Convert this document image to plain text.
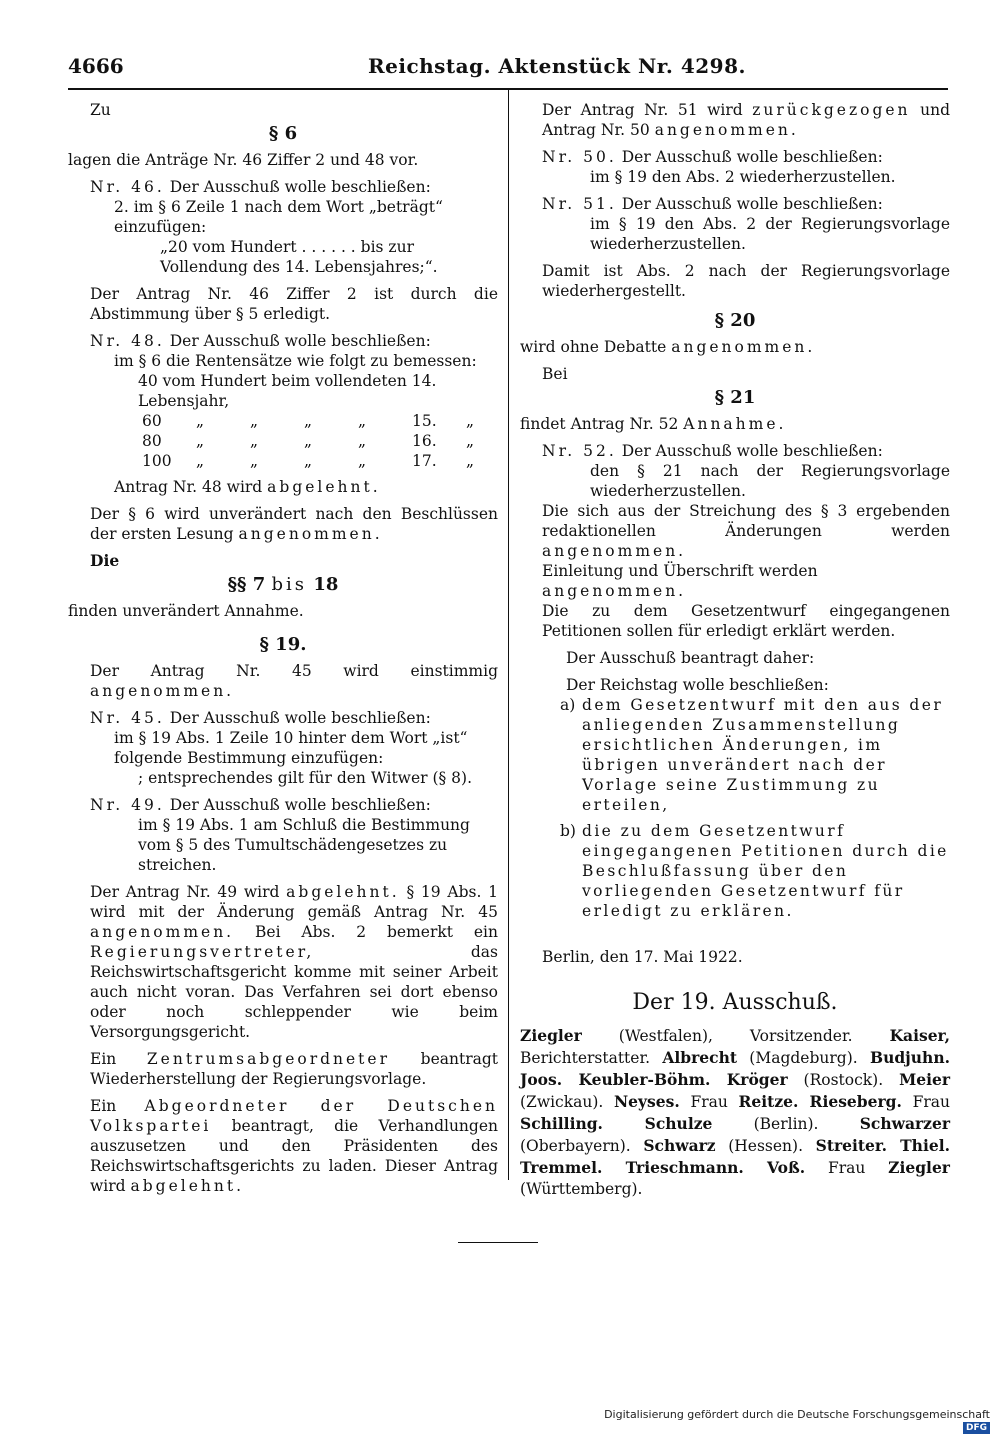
4666	Reichstag. Aktenstück Nr. 4298.

Zu

§ 6

lagen die Anträge Nr. 46 Ziffer 2 und 48 vor.

Nr. 46. Der Ausschuß wolle beschließen:

2. im § 6 Zeile 1 nach dem Wort „beträgt“ einzufügen:

„20 vom Hundert . . . . . . bis zur Vollendung des 14. Lebensjahres;“.

Der Antrag Nr. 46 Ziffer 2 ist durch die Abstimmung über § 5 erledigt.

Nr. 48. Der Ausschuß wolle beschließen:

im § 6 die Rentensätze wie folgt zu bemessen:

40 vom Hundert beim vollendeten 14. Lebensjahr,

60	„	„	„	„	15.	„
80	„	„	„	„	16.	„
100	„	„	„	„	17.	„

Antrag Nr. 48 wird abgelehnt.

Der § 6 wird unverändert nach den Beschlüssen der ersten Lesung angenommen.

Die

§§ 7 bis 18

finden unverändert Annahme.

§ 19.

Der Antrag Nr. 45 wird einstimmig angenommen.

Nr. 45. Der Ausschuß wolle beschließen:

im § 19 Abs. 1 Zeile 10 hinter dem Wort „ist“ folgende Bestimmung einzufügen:

; entsprechendes gilt für den Witwer (§ 8).

Nr. 49. Der Ausschuß wolle beschließen:

im § 19 Abs. 1 am Schluß die Bestimmung vom § 5 des Tumultschädengesetzes zu streichen.

Der Antrag Nr. 49 wird abgelehnt. § 19 Abs. 1 wird mit der Änderung gemäß Antrag Nr. 45 angenommen. Bei Abs. 2 bemerkt ein Regierungsvertreter,	das Reichswirtschaftsgericht komme mit seiner Arbeit auch nicht voran. Das Verfahren sei dort ebenso oder noch schleppender wie beim Versorgungsgericht.

Ein Zentrumsabgeordneter beantragt Wiederherstellung der Regierungsvorlage.

Ein Abgeordneter der Deutschen Volkspartei beantragt, die Verhandlungen auszusetzen und den Präsidenten des Reichswirtschaftsgerichts zu laden. Dieser Antrag wird abgelehnt.

Der Antrag Nr. 51 wird zurückgezogen und Antrag Nr. 50 angenommen.

Nr. 50. Der Ausschuß wolle beschließen:

im § 19 den Abs. 2 wiederherzustellen.

Nr. 51. Der Ausschuß wolle beschließen:

im § 19 den Abs. 2 der Regierungsvorlage wiederherzustellen.

Damit ist Abs. 2 nach der Regierungsvorlage wiederhergestellt.

§ 20

wird ohne Debatte angenommen.

Bei

§ 21

findet Antrag Nr. 52 Annahme.

Nr. 52. Der Ausschuß wolle beschließen:

den § 21 nach der Regierungsvorlage wiederherzustellen.

Die sich aus der Streichung des § 3 ergebenden redaktionellen Änderungen werden angenommen.

Einleitung und Überschrift werden angenommen.

Die zu dem Gesetzentwurf eingegangenen Petitionen sollen für erledigt erklärt werden.

Der Ausschuß beantragt daher:

Der Reichstag wolle beschließen:

a) dem Gesetzentwurf mit den aus der anliegenden Zusammenstellung ersichtlichen Änderungen, im übrigen unverändert nach der Vorlage seine Zustimmung zu erteilen,
b) die zu dem Gesetzentwurf eingegangenen Petitionen durch die Beschlußfassung über den vorliegenden Gesetzentwurf für erledigt zu erklären.

Berlin, den 17. Mai 1922.

Der 19. Ausschuß.

Ziegler (Westfalen), Vorsitzender. Kaiser, Berichterstatter. Albrecht (Magdeburg). Budjuhn. Joos. Keubler-Böhm. Kröger (Rostock). Meier (Zwickau). Neyses. Frau Reitze. Rieseberg. Frau Schilling. Schulze (Berlin). Schwarzer (Oberbayern). Schwarz (Hessen). Streiter. Thiel. Tremmel. Trieschmann. Voß. Frau Ziegler (Württemberg).

Digitalisierung gefördert durch die Deutsche ForschungsgemeinschaftDFG
